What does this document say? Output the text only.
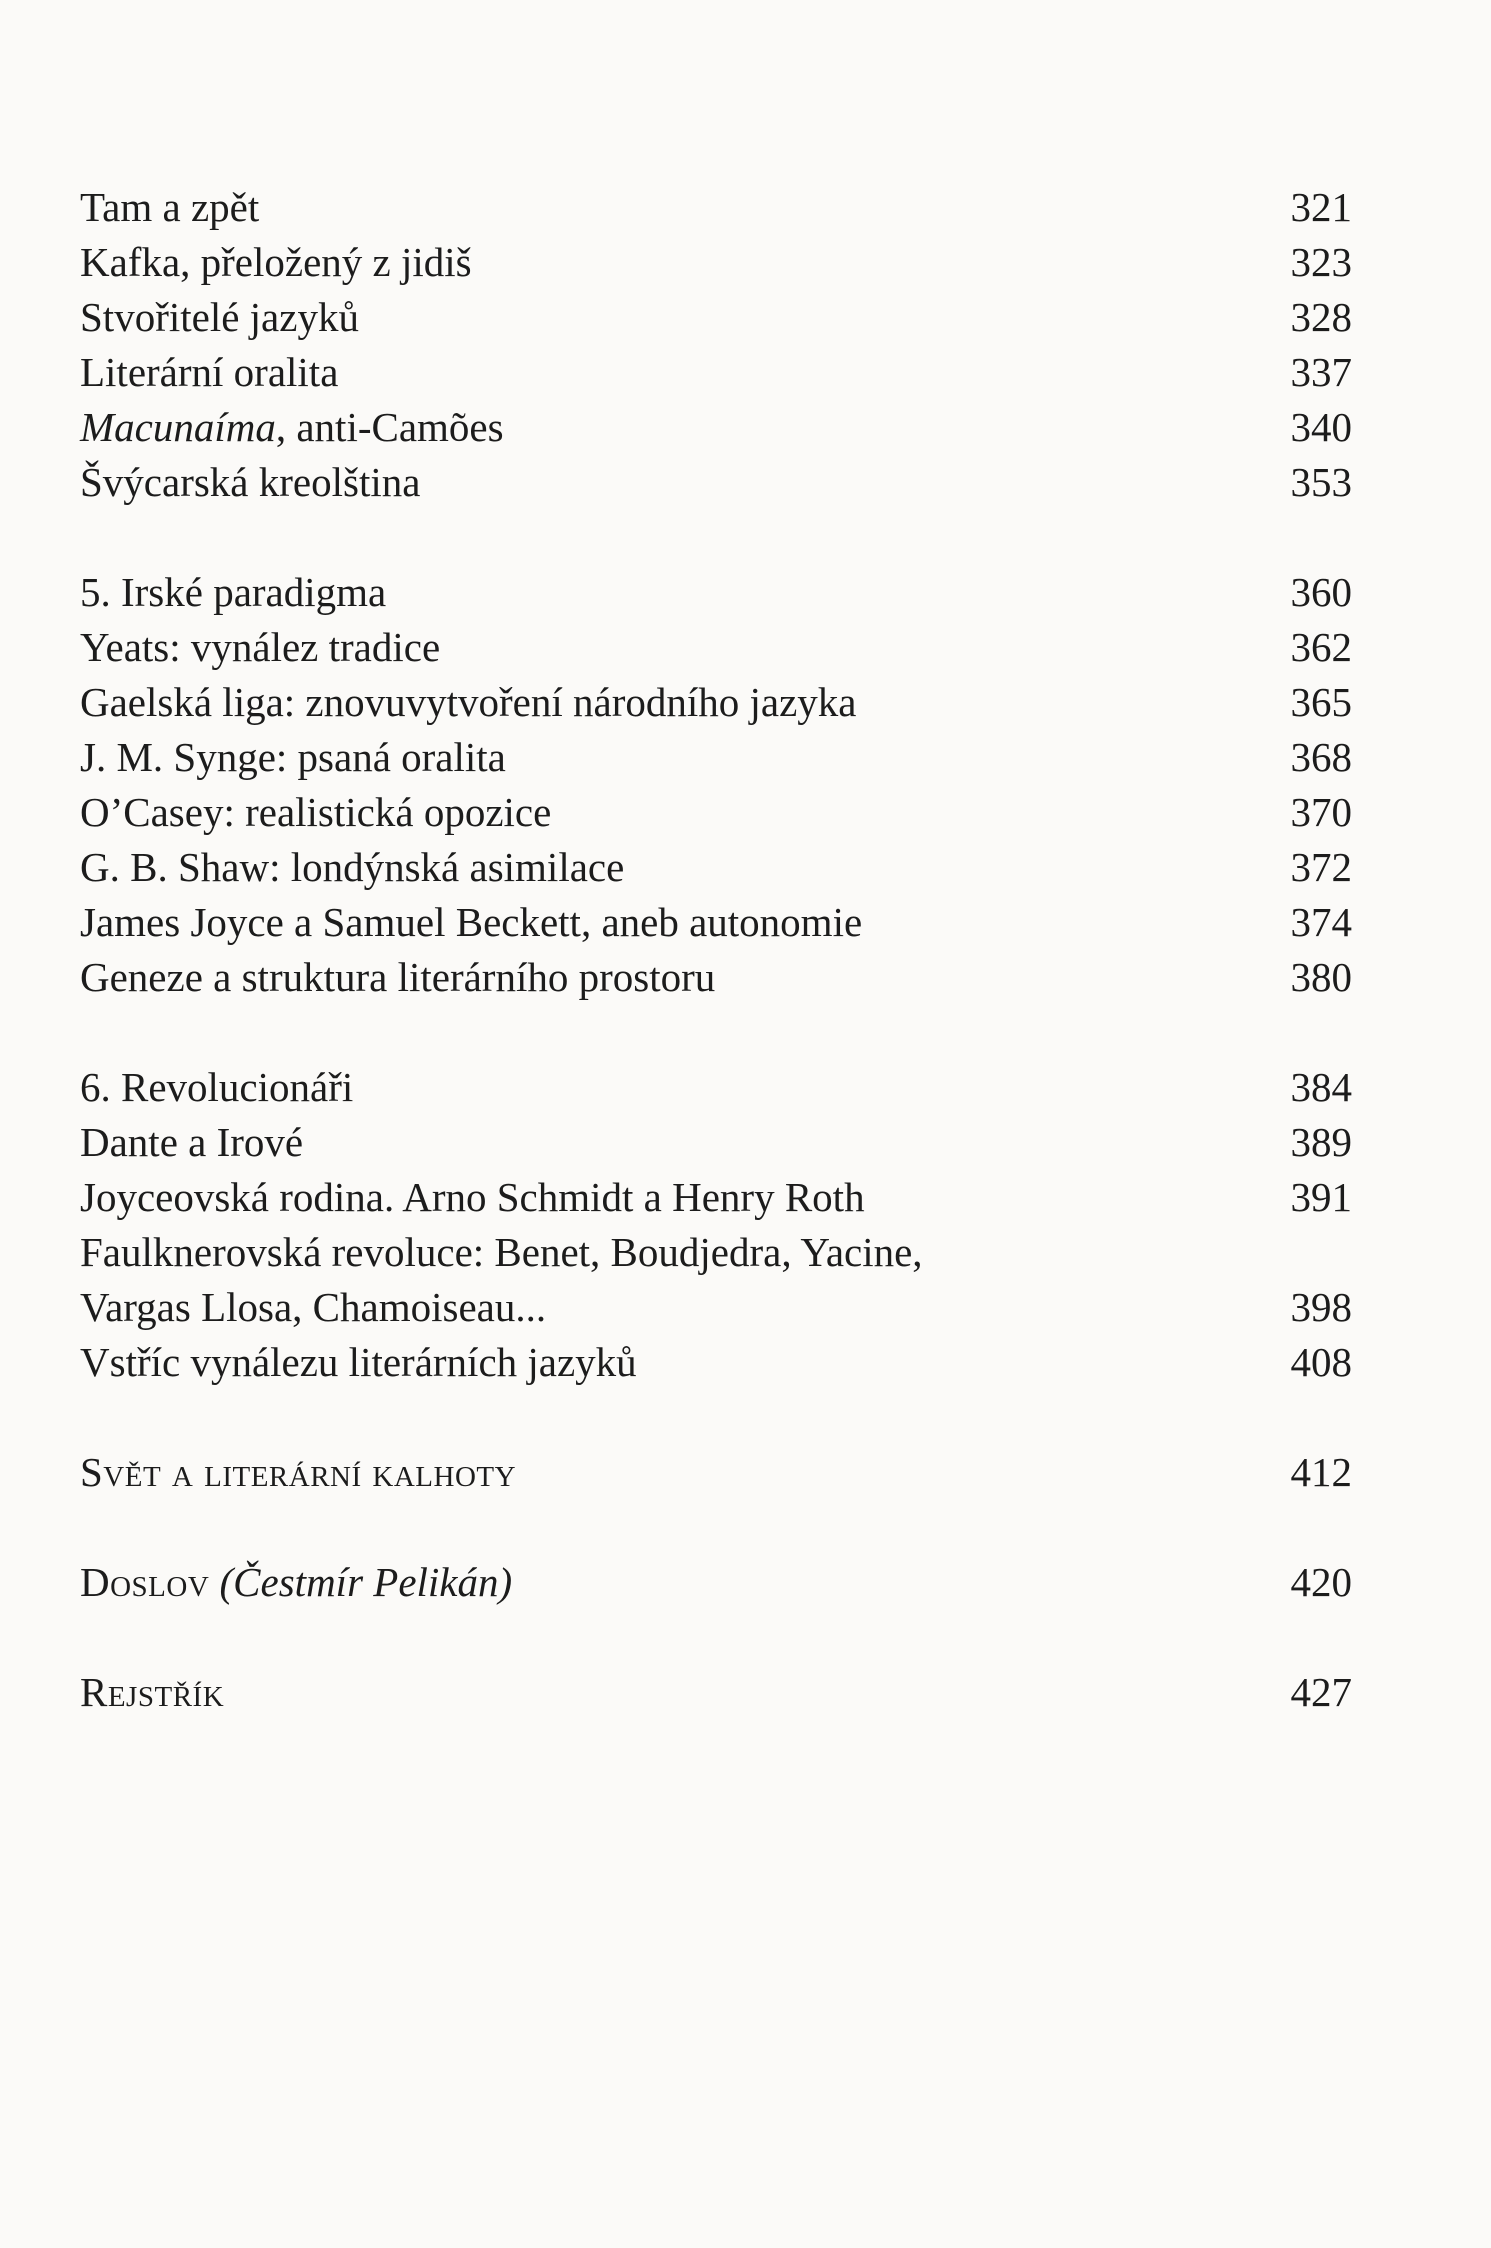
Tam a zpět	321
Kafka, přeložený z jidiš	323
Stvořitelé jazyků	328
Literární oralita	337
Macunaíma, anti-Camões	340
Švýcarská kreolština	353
5. Irské paradigma	360
Yeats: vynález tradice	362
Gaelská liga: znovuvytvoření národního jazyka	365
J. M. Synge: psaná oralita	368
O’Casey: realistická opozice	370
G. B. Shaw: londýnská asimilace	372
James Joyce a Samuel Beckett, aneb autonomie	374
Geneze a struktura literárního prostoru	380
6. Revolucionáři	384
Dante a Irové	389
Joyceovská rodina. Arno Schmidt a Henry Roth	391
Faulknerovská revoluce: Benet, Boudjedra, Yacine,
Vargas Llosa, Chamoiseau...	398
Vstříc vynálezu literárních jazyků	408
Svět a literární kalhoty	412
Doslov (Čestmír Pelikán)	420
Rejstřík	427
